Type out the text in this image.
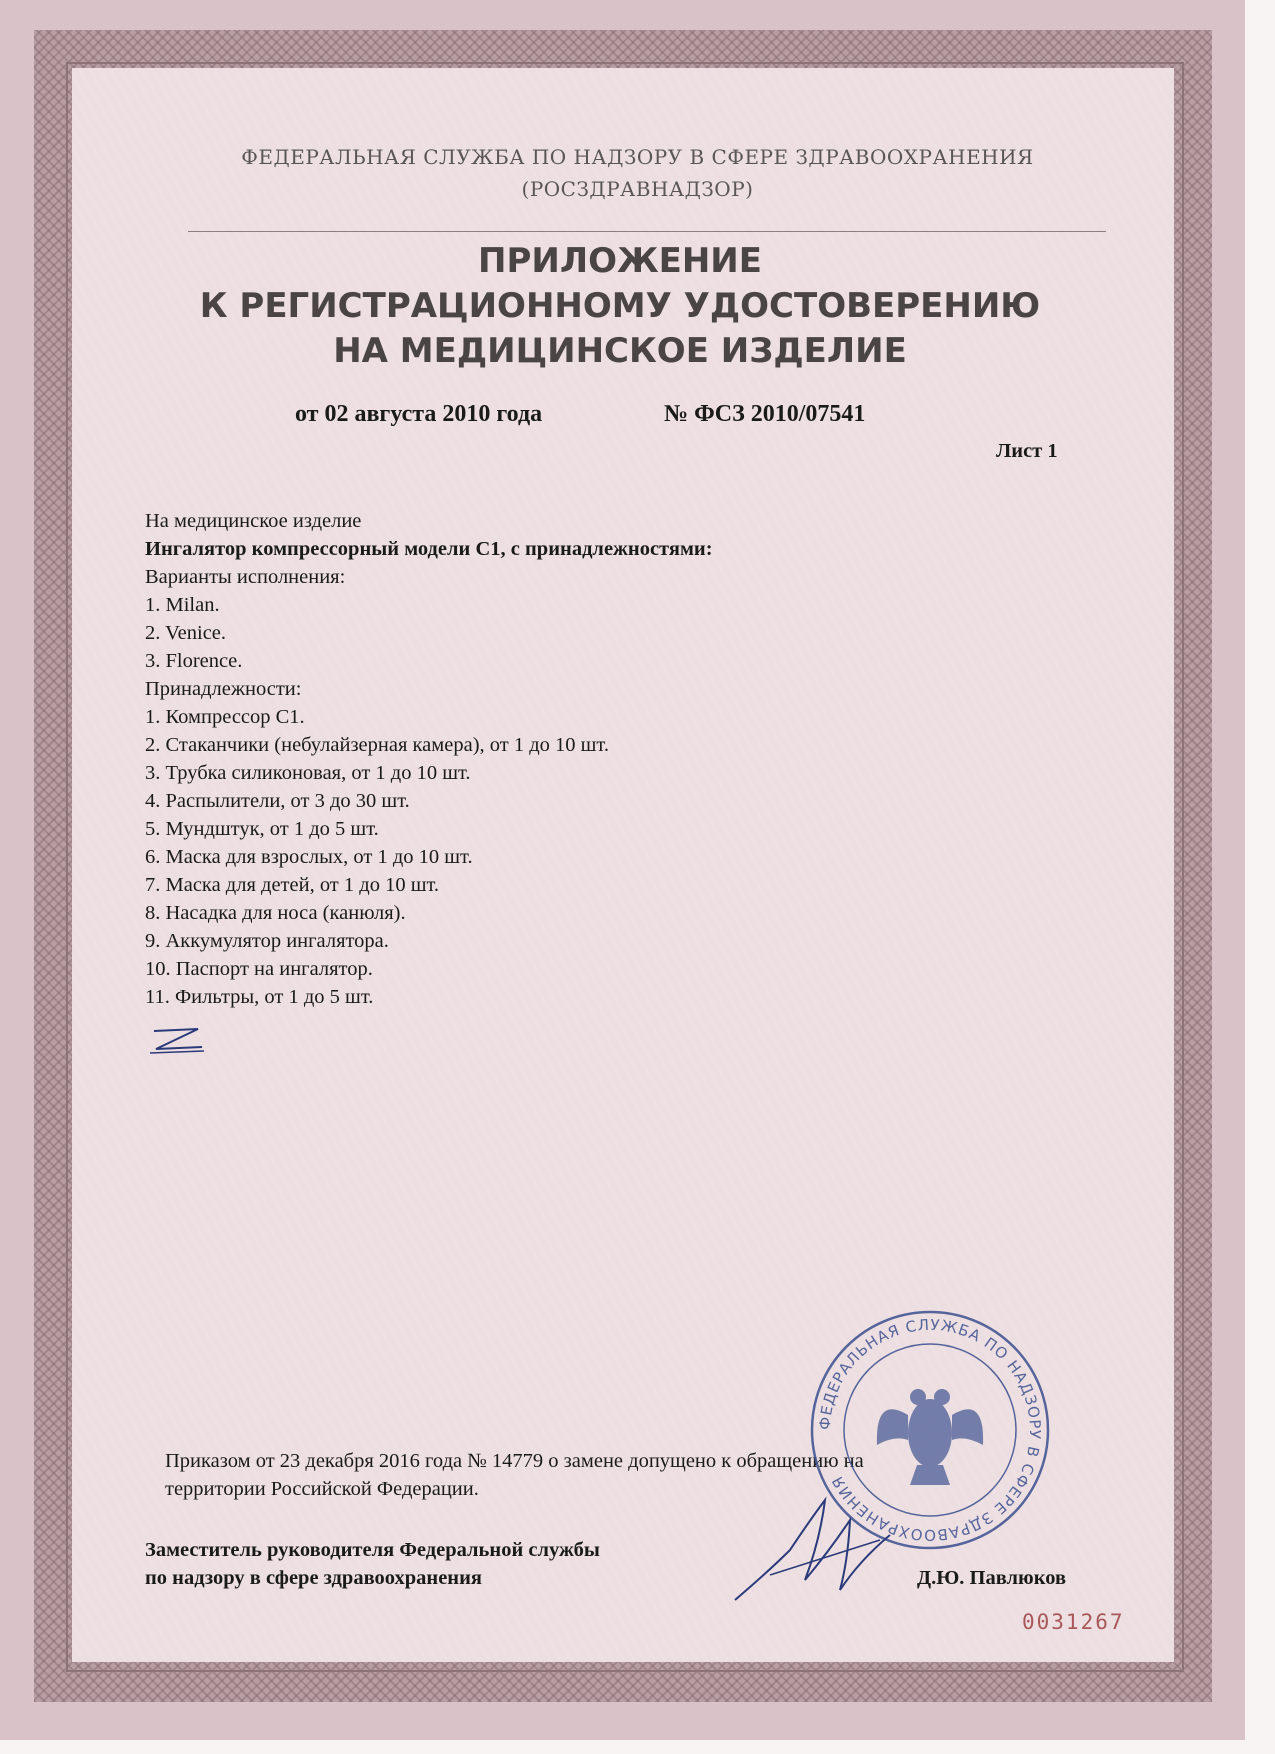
ФЕДЕРАЛЬНАЯ СЛУЖБА ПО НАДЗОРУ В СФЕРЕ ЗДРАВООХРАНЕНИЯ
(РОСЗДРАВНАДЗОР)
ПРИЛОЖЕНИЕ
К РЕГИСТРАЦИОННОМУ УДОСТОВЕРЕНИЮ
НА МЕДИЦИНСКОЕ ИЗДЕЛИЕ
от 02 августа 2010 года	№ ФСЗ 2010/07541
Лист 1
На медицинское изделие
Ингалятор компрессорный модели С1, с принадлежностями:
Варианты исполнения:
1. Milan.
2. Venice.
3. Florence.
Принадлежности:
1. Компрессор С1.
2. Стаканчики (небулайзерная камера), от 1 до 10 шт.
3. Трубка силиконовая, от 1 до 10 шт.
4. Распылители, от 3 до 30 шт.
5. Мундштук, от 1 до 5 шт.
6. Маска для взрослых, от 1 до 10 шт.
7. Маска для детей, от 1 до 10 шт.
8. Насадка для носа (канюля).
9. Аккумулятор ингалятора.
10. Паспорт на ингалятор.
11. Фильтры, от 1 до 5 шт.
Приказом от 23 декабря 2016 года № 14779 о замене допущено к обращению на
территории Российской Федерации.
Заместитель руководителя Федеральной службы
по надзору в сфере здравоохранения	Д.Ю. Павлюков
ФЕДЕРАЛЬНАЯ СЛУЖБА ПО НАДЗОРУ В СФЕРЕ ЗДРАВООХРАНЕНИЯ
0031267
